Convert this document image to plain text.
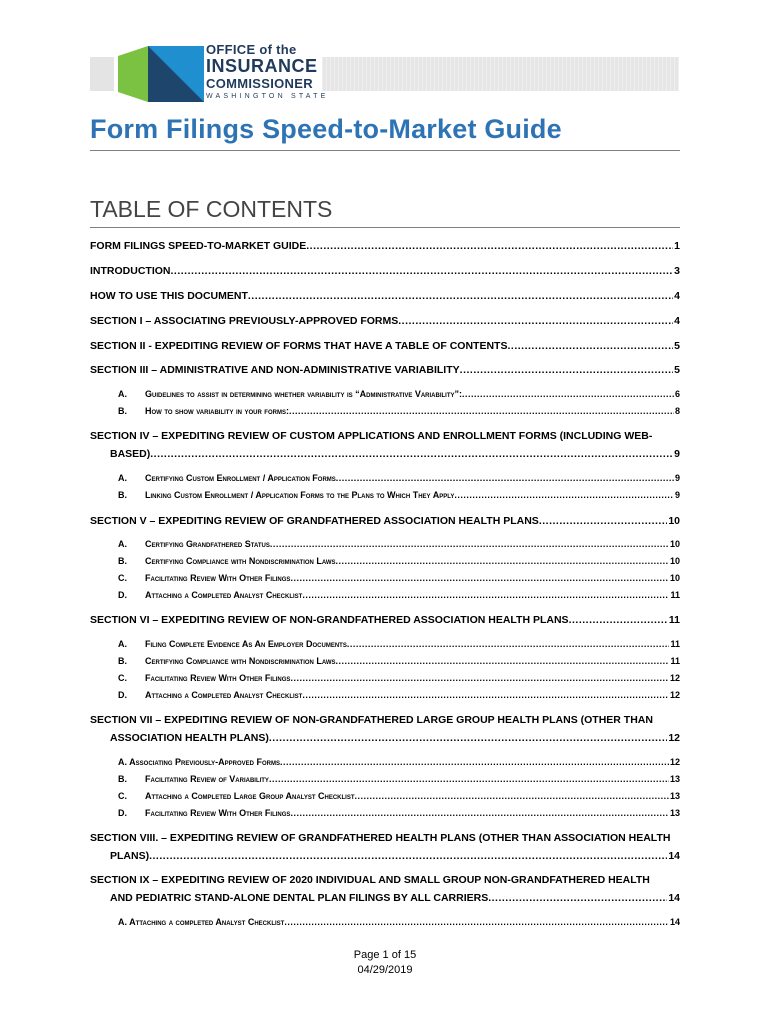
OFFICE of the
INSURANCE
COMMISSIONER
WASHINGTON STATE
Form Filings Speed-to-Market Guide
TABLE OF CONTENTS
FORM FILINGS SPEED-TO-MARKET GUIDE .....	1
INTRODUCTION .....	3
HOW TO USE THIS DOCUMENT .....	4
SECTION I – ASSOCIATING PREVIOUSLY-APPROVED FORMS .....	4
SECTION II - EXPEDITING REVIEW OF FORMS THAT HAVE A TABLE OF CONTENTS .....	5
SECTION III – ADMINISTRATIVE AND NON-ADMINISTRATIVE VARIABILITY .....	5
A. Guidelines to assist in determining whether variability is “Administrative Variability”: .....	6
B. How to show variability in your forms: .....	8
SECTION IV – EXPEDITING REVIEW OF CUSTOM APPLICATIONS AND ENROLLMENT FORMS (INCLUDING WEB-
BASED) .....	9
A. Certifying Custom Enrollment / Application Forms .....	9
B. Linking Custom Enrollment / Application Forms to the Plans to Which They Apply .....	9
SECTION V – EXPEDITING REVIEW OF GRANDFATHERED ASSOCIATION HEALTH PLANS .....	10
A. Certifying Grandfathered Status .....	10
B. Certifying Compliance with Nondiscrimination Laws .....	10
C. Facilitating Review With Other Filings .....	10
D. Attaching a Completed Analyst Checklist .....	11
SECTION VI – EXPEDITING REVIEW OF NON-GRANDFATHERED ASSOCIATION HEALTH PLANS .....	11
A. Filing Complete Evidence As An Employer Documents .....	11
B. Certifying Compliance with Nondiscrimination Laws .....	11
C. Facilitating Review With Other Filings .....	12
D. Attaching a Completed Analyst Checklist .....	12
SECTION VII – EXPEDITING REVIEW OF NON-GRANDFATHERED LARGE GROUP HEALTH PLANS (OTHER THAN
ASSOCIATION HEALTH PLANS) .....	12
A. Associating Previously-Approved Forms .....	12
B. Facilitating Review of Variability .....	13
C. Attaching a Completed Large Group Analyst Checklist .....	13
D. Facilitating Review With Other Filings .....	13
SECTION VIII. – EXPEDITING REVIEW OF GRANDFATHERED HEALTH PLANS (OTHER THAN ASSOCIATION HEALTH
PLANS) .....	14
SECTION IX – EXPEDITING REVIEW OF 2020 INDIVIDUAL AND SMALL GROUP NON-GRANDFATHERED HEALTH
AND PEDIATRIC STAND-ALONE DENTAL PLAN FILINGS BY ALL CARRIERS .....	14
A. Attaching a completed Analyst Checklist .....	14
Page 1 of 15
04/29/2019
